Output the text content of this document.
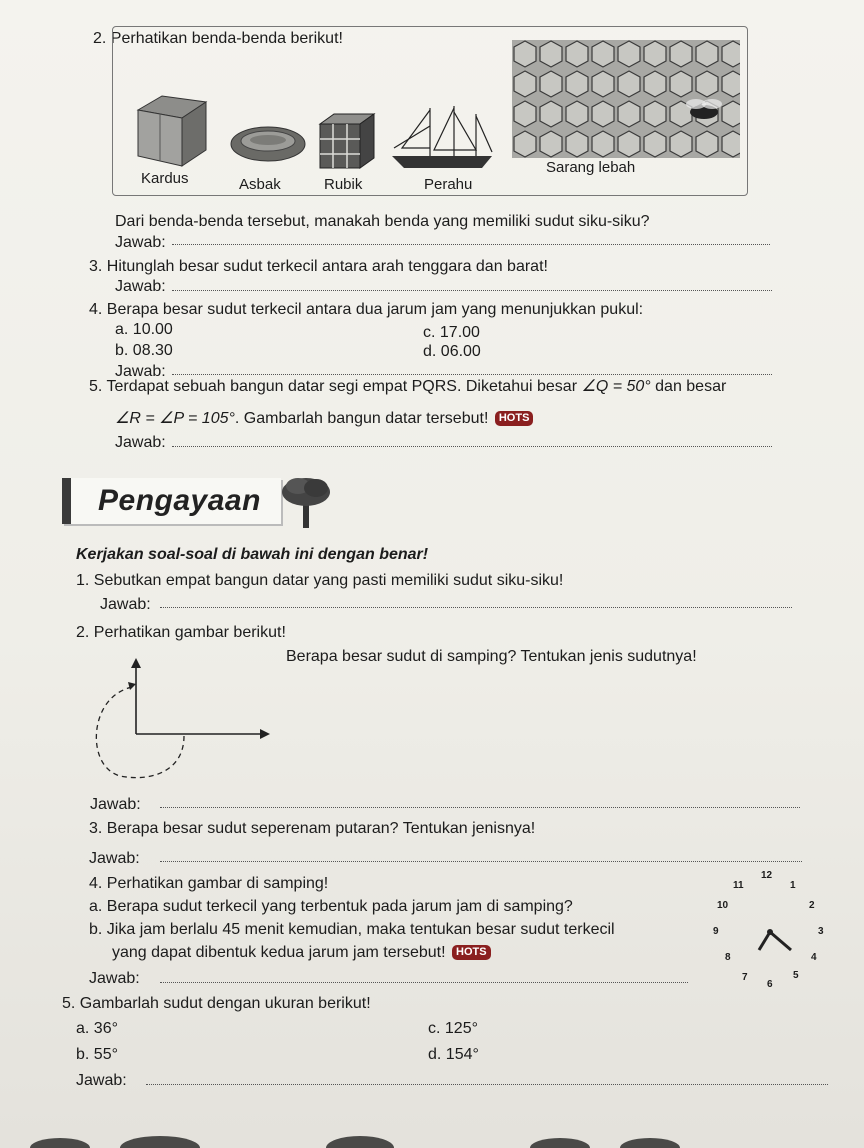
2. Perhatikan benda-benda berikut!
Kardus	Asbak	Rubik	Perahu
Sarang lebah
Dari benda-benda tersebut, manakah benda yang memiliki sudut siku-siku?
Jawab:
3. Hitunglah besar sudut terkecil antara arah tenggara dan barat!
Jawab:
4. Berapa besar sudut terkecil antara dua jarum jam yang menunjukkan pukul:
a. 10.00	c. 17.00
b. 08.30	d. 06.00
Jawab:
5. Terdapat sebuah bangun datar segi empat PQRS. Diketahui besar ∠Q = 50° dan besar
∠R = ∠P = 105°. Gambarlah bangun datar tersebut! HOTS
Jawab:
Pengayaan
Kerjakan soal-soal di bawah ini dengan benar!
1. Sebutkan empat bangun datar yang pasti memiliki sudut siku-siku!
Jawab:
2. Perhatikan gambar berikut!
Berapa besar sudut di samping? Tentukan jenis sudutnya!
Jawab:
3. Berapa besar sudut seperenam putaran? Tentukan jenisnya!
Jawab:
4. Perhatikan gambar di samping!
a. Berapa sudut terkecil yang terbentuk pada jarum jam di samping?
b. Jika jam berlalu 45 menit kemudian, maka tentukan besar sudut terkecil
yang dapat dibentuk kedua jarum jam tersebut! HOTS
Jawab:
12
1
2
3
4
5
6
7
8
9
10
11
5. Gambarlah sudut dengan ukuran berikut!
a. 36°	c. 125°
b. 55°	d. 154°
Jawab:
